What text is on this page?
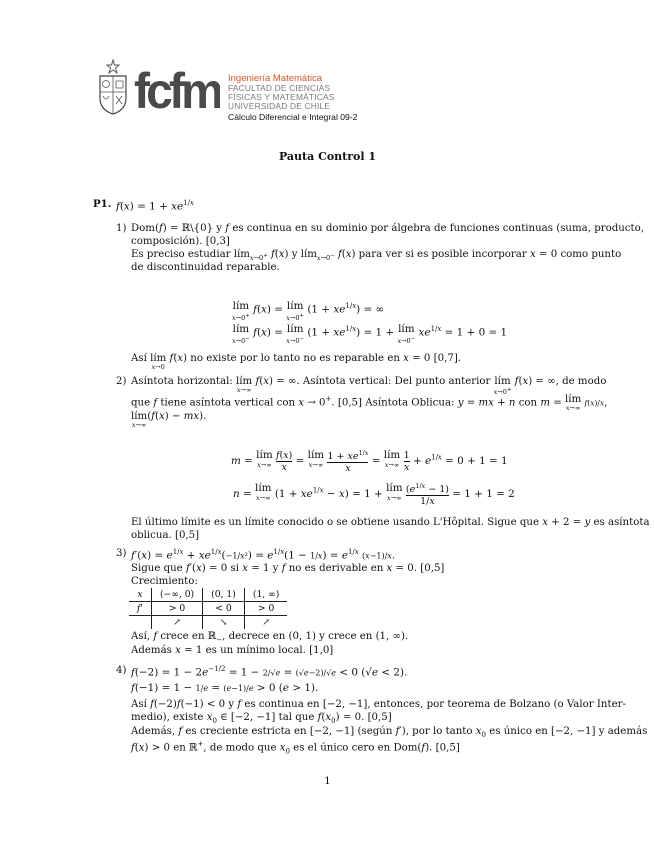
fcfm Ingeniería Matemática
FACULTAD DE CIENCIAS
FÍSICAS Y MATEMÁTICAS
UNIVERSIDAD DE CHILE
Cálculo Diferencial e Integral 09-2
Pauta Control 1
P1. $f(x) = 1 + xe^{1/x}$
1) Dom(f) = ℝ\{0} y f es continua en su dominio por álgebra de funciones continuas (suma, producto,
composición). [0,3]
Es preciso estudiar lím$_{x\to 0^+}$ f(x) y lím$_{x\to 0^-}$ f(x) para ver si es posible incorporar x = 0 como punto
de discontinuidad reparable.
lím

x→0+
f(x) = lím

x→0+
$(1 + xe^{1/x})$ = ∞
lím

x→0−
f(x) = lím

x→0−
$(1 + xe^{1/x}) = 1$ + lím

x→0−
$xe^{1/x} = 1 + 0 = 1$
Así lím

x→0
f(x) no existe por lo tanto no es reparable en x = 0 [0,7].
2) Asíntota horizontal: lím

x→∞
f(x) = ∞. Asíntota vertical: Del punto anterior lím

x→0+
f(x) = ∞, de modo
que f tiene asíntota vertical con x → 0+. [0,5] Asíntota Oblicua: y = mx + n con m = lím

x→∞
f(x)/x,
lím

x→∞
(f(x) − mx).
m = lím

x→∞
$\frac{f(x)}{x}$ = lím

x→∞
$\frac{1 + xe^{1/x}}{x}$ = lím

x→∞
$\frac{1}{x} + e^{1/x} = 0 + 1 = 1$
n = lím

x→∞ $(1 + xe^{1/x} - x) = 1$ + lím

x→∞

$(e^{1/x} - 1)$
1/x = 1 + 1 = 2
El último límite es un límite conocido o se obtiene usando L'Hôpital. Sigue que x + 2 = y es asíntota
oblicua. [0,5]
3) $f'(x) = e^{1/x} + xe^{1/x}(-1/x^2) = e^{1/x}(1 - 1/x) = e^{1/x}$ (x−1)/x.
Sigue que f′(x) = 0 si x = 1 y f no es derivable en x = 0. [0,5]
Crecimiento:
x	(−∞, 0)	(0, 1)	(1, ∞)
f'	> 0	< 0	> 0
	↗	↘	↗
Así, f crece en ℝ$_-$, decrece en (0, 1) y crece en (1, ∞).
Además x = 1 es un mínimo local. [1,0]
4) $f(-2) = 1 - 2e^{-1/2} = 1 - 2/√e = (√e-2)/√e < 0$ (√e < 2).
f(−1) = 1 − 1/e = (e−1)/e > 0 (e > 1).
Así f(−2)f(−1) < 0 y f es continua en [−2, −1], entonces, por teorema de Bolzano (o Valor Inter-
medio), existe $x_0$ ∈ [−2, −1] tal que $f(x_0) = 0$. [0,5]
Además, f es creciente estricta en [−2, −1] (según f′), por lo tanto $x_0$ es único en [−2, −1] y además
f(x) > 0 en ℝ+, de modo que $x_0$ es el único cero en Dom(f). [0,5]
1
